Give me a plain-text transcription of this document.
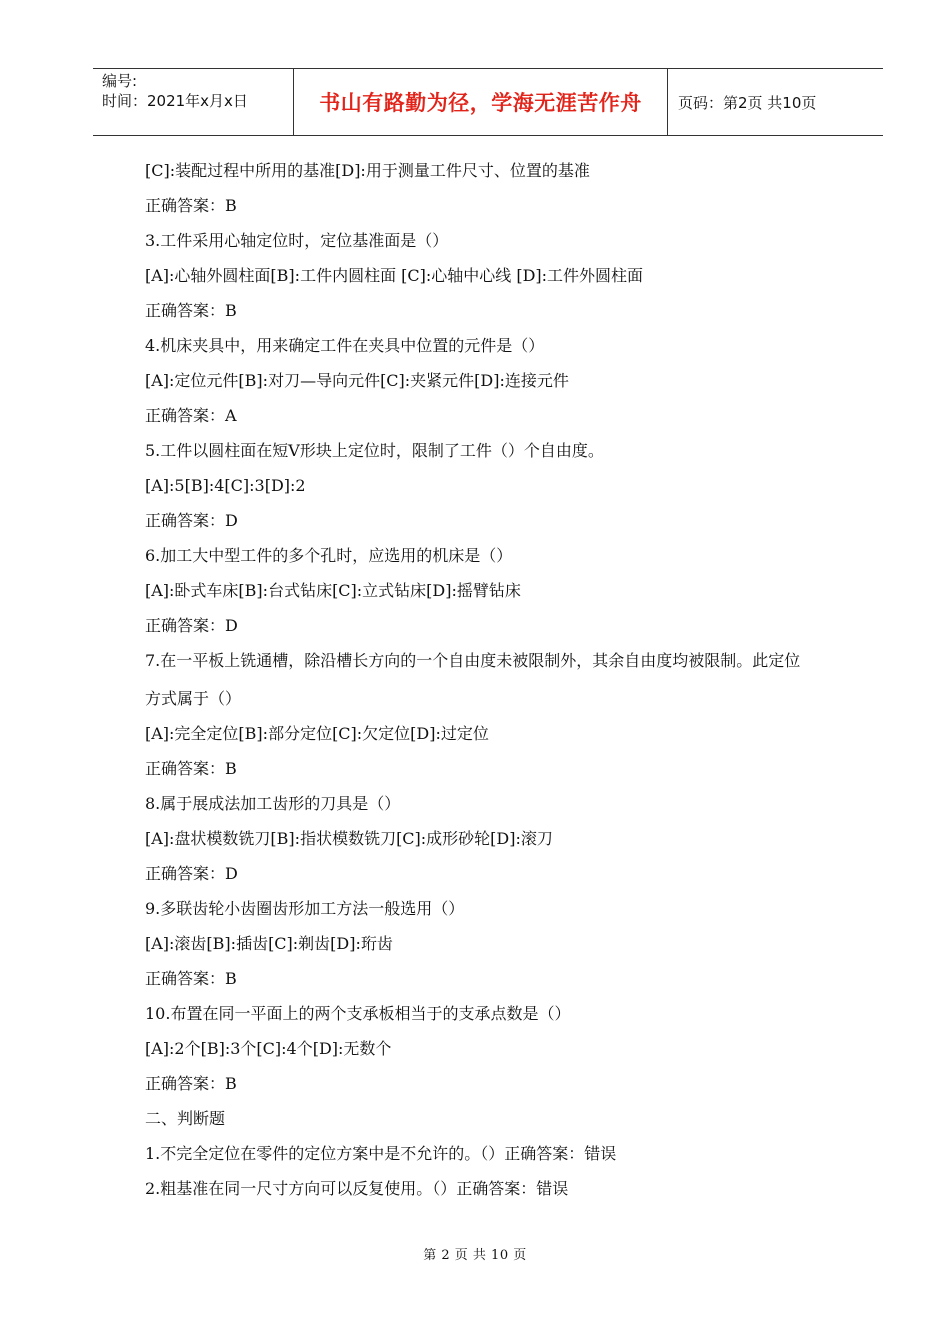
编号:
时间：2021年x月x日	书山有路勤为径，学海无涯苦作舟 页码：第2页 共10页
[C]:装配过程中所用的基准[D]:用于测量工件尺寸、位置的基准
正确答案：B
3.工件采用心轴定位时，定位基准面是（）
[A]:心轴外圆柱面[B]:工件内圆柱面 [C]:心轴中心线 [D]:工件外圆柱面
正确答案：B
4.机床夹具中，用来确定工件在夹具中位置的元件是（）
[A]:定位元件[B]:对刀—导向元件[C]:夹紧元件[D]:连接元件
正确答案：A
5.工件以圆柱面在短V形块上定位时，限制了工件（）个自由度。
[A]:5[B]:4[C]:3[D]:2
正确答案：D
6.加工大中型工件的多个孔时，应选用的机床是（）
[A]:卧式车床[B]:台式钻床[C]:立式钻床[D]:摇臂钻床
正确答案：D
7.在一平板上铣通槽，除沿槽长方向的一个自由度未被限制外，其余自由度均被限制。此定位
方式属于（）
[A]:完全定位[B]:部分定位[C]:欠定位[D]:过定位
正确答案：B
8.属于展成法加工齿形的刀具是（）
[A]:盘状模数铣刀[B]:指状模数铣刀[C]:成形砂轮[D]:滚刀
正确答案：D
9.多联齿轮小齿圈齿形加工方法一般选用（）
[A]:滚齿[B]:插齿[C]:剃齿[D]:珩齿
正确答案：B
10.布置在同一平面上的两个支承板相当于的支承点数是（）
[A]:2个[B]:3个[C]:4个[D]:无数个
正确答案：B
二、判断题
1.不完全定位在零件的定位方案中是不允许的。（）正确答案：错误
2.粗基准在同一尺寸方向可以反复使用。（）正确答案：错误
第 2 页 共 10 页
